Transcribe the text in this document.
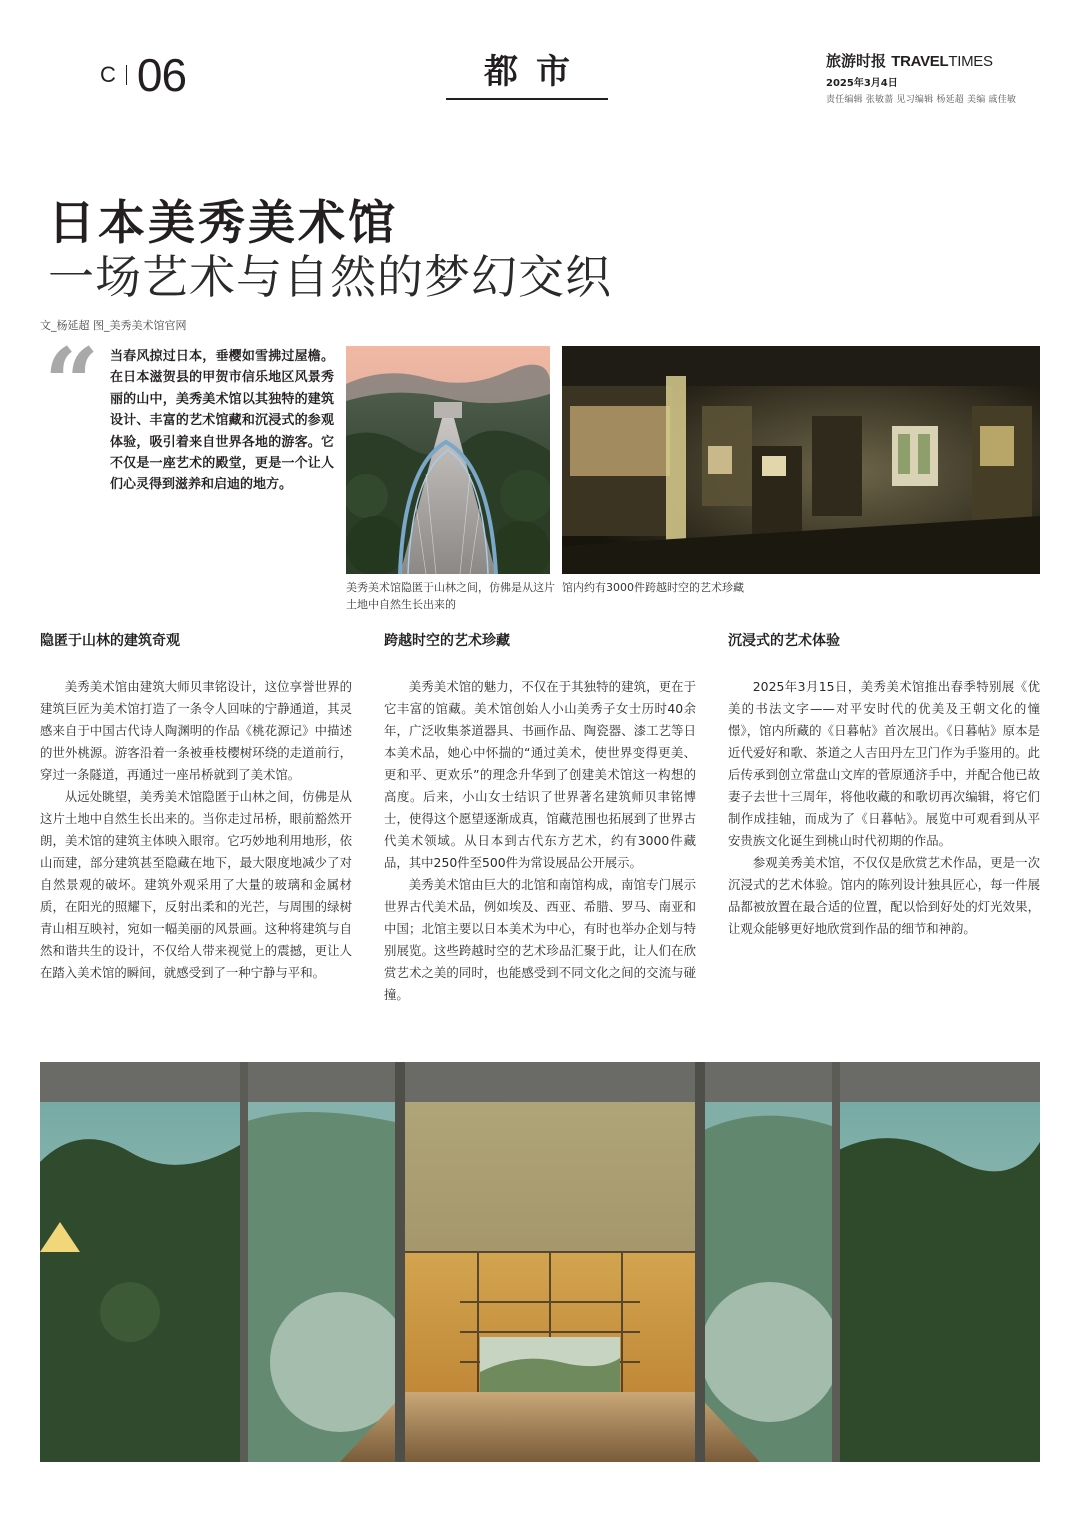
C 06	都市	旅游时报 TRAVELTIMES
2025年3月4日
责任编辑 张敏蔷 见习编辑 杨延超 美编 戚佳敏
日本美秀美术馆
一场艺术与自然的梦幻交织
文_杨延超 图_美秀美术馆官网
“ 当春风掠过日本，垂樱如雪拂过屋檐。在日本滋贺县的甲贺市信乐地区风景秀丽的山中，美秀美术馆以其独特的建筑设计、丰富的艺术馆藏和沉浸式的参观体验，吸引着来自世界各地的游客。它不仅是一座艺术的殿堂，更是一个让人们心灵得到滋养和启迪的地方。

美秀美术馆隐匿于山林之间，仿佛是从这片土地中自然生长出来的
馆内约有3000件跨越时空的艺术珍藏
隐匿于山林的建筑奇观

美秀美术馆由建筑大师贝聿铭设计，这位享誉世界的建筑巨匠为美术馆打造了一条令人回味的宁静通道，其灵感来自于中国古代诗人陶渊明的作品《桃花源记》中描述的世外桃源。游客沿着一条被垂枝樱树环绕的走道前行，穿过一条隧道，再通过一座吊桥就到了美术馆。

从远处眺望，美秀美术馆隐匿于山林之间，仿佛是从这片土地中自然生长出来的。当你走过吊桥，眼前豁然开朗，美术馆的建筑主体映入眼帘。它巧妙地利用地形，依山而建，部分建筑甚至隐藏在地下，最大限度地减少了对自然景观的破坏。建筑外观采用了大量的玻璃和金属材质，在阳光的照耀下，反射出柔和的光芒，与周围的绿树青山相互映衬，宛如一幅美丽的风景画。这种将建筑与自然和谐共生的设计，不仅给人带来视觉上的震撼，更让人在踏入美术馆的瞬间，就感受到了一种宁静与平和。

跨越时空的艺术珍藏

美秀美术馆的魅力，不仅在于其独特的建筑，更在于它丰富的馆藏。美术馆创始人小山美秀子女士历时40余年，广泛收集茶道器具、书画作品、陶瓷器、漆工艺等日本美术品，她心中怀揣的“通过美术，使世界变得更美、更和平、更欢乐”的理念升华到了创建美术馆这一构想的高度。后来，小山女士结识了世界著名建筑师贝聿铭博士，使得这个愿望逐渐成真，馆藏范围也拓展到了世界古代美术领域。从日本到古代东方艺术，约有3000件藏品，其中250件至500件为常设展品公开展示。

美秀美术馆由巨大的北馆和南馆构成，南馆专门展示世界古代美术品，例如埃及、西亚、希腊、罗马、南亚和中国；北馆主要以日本美术为中心，有时也举办企划与特别展览。这些跨越时空的艺术珍品汇聚于此，让人们在欣赏艺术之美的同时，也能感受到不同文化之间的交流与碰撞。

沉浸式的艺术体验

2025年3月15日，美秀美术馆推出春季特别展《优美的书法文字——对平安时代的优美及王朝文化的憧憬》，馆内所藏的《日暮帖》首次展出。《日暮帖》原本是近代爱好和歌、茶道之人吉田丹左卫门作为手鉴用的。此后传承到创立常盘山文库的菅原通济手中，并配合他已故妻子去世十三周年，将他收藏的和歌切再次编辑，将它们制作成挂轴，而成为了《日暮帖》。展览中可观看到从平安贵族文化诞生到桃山时代初期的作品。

参观美秀美术馆，不仅仅是欣赏艺术作品，更是一次沉浸式的艺术体验。馆内的陈列设计独具匠心，每一件展品都被放置在最合适的位置，配以恰到好处的灯光效果，让观众能够更好地欣赏到作品的细节和神韵。
